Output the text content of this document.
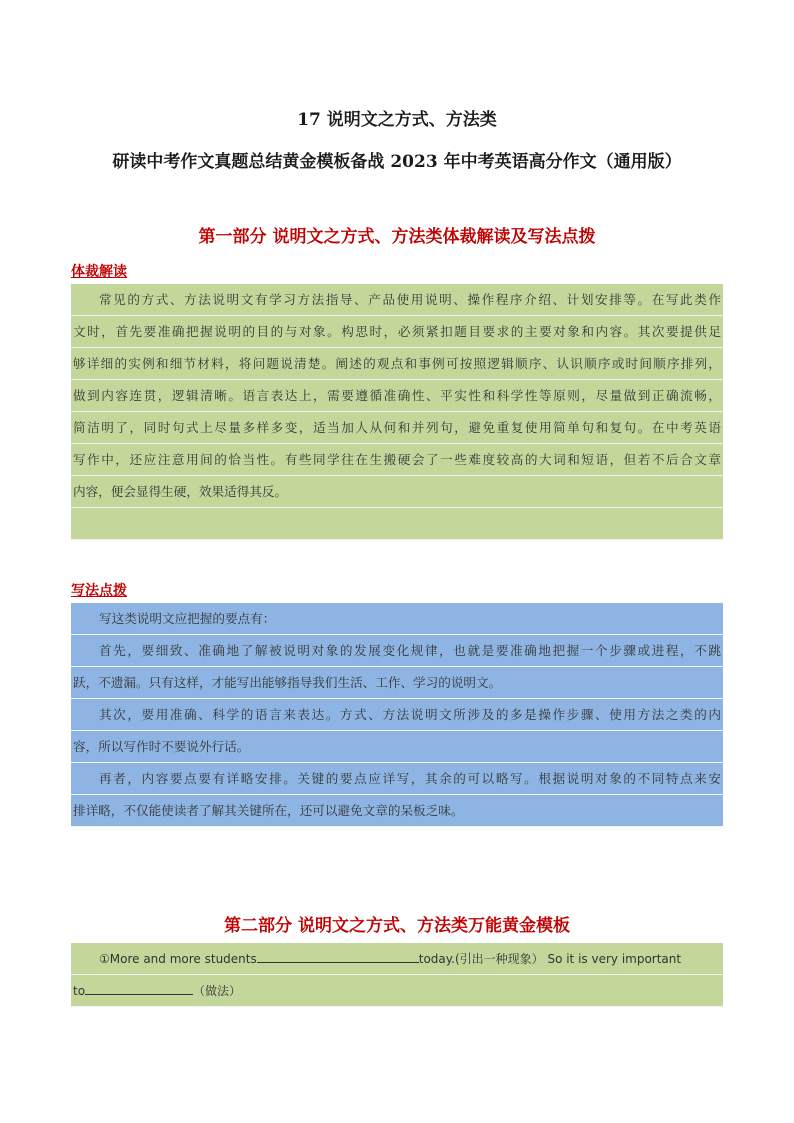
17 说明文之方式、方法类
研读中考作文真题总结黄金模板备战 2023 年中考英语高分作文（通用版）
第一部分 说明文之方式、方法类体裁解读及写法点拨
体裁解读
常见的方式、方法说明文有学习方法指导、产品使用说明、操作程序介绍、计划安排等。在写此类作
文时，首先要准确把握说明的目的与对象。构思时，必须紧扣题目要求的主要对象和内容。其次要提供足
够详细的实例和细节材料，将问题说清楚。阐述的观点和事例可按照逻辑顺序、认识顺序或时间顺序排列，
做到内容连贯，逻辑清晰。语言表达上，需要遵循准确性、平实性和科学性等原则，尽量做到正确流畅，
简洁明了，同时句式上尽量多样多变，适当加人从何和并列句，避免重复使用简单句和复句。在中考英语
写作中，还应注意用间的恰当性。有些同学往在生搬硬会了一些难度较高的大词和短语，但若不后合文章
内容，便会显得生硬，效果适得其反。
写法点拨
写这类说明文应把握的要点有：
首先，要细致、准确地了解被说明对象的发展变化规律，也就是要准确地把握一个步骤或进程，不跳
跃，不遗漏。只有这样，才能写出能够指导我们生活、工作、学习的说明文。
其次，要用准确、科学的语言来表达。方式、方法说明文所涉及的多是操作步骤、使用方法之类的内
容，所以写作时不要说外行话。
再者，内容要点要有详略安排。关键的要点应详写，其余的可以略写。根据说明对象的不同特点来安
排详略，不仅能使读者了解其关键所在，还可以避免文章的呆板乏味。
第二部分 说明文之方式、方法类万能黄金模板
①More and more students	today.(引出一种现象） So it is very important
to	（做法）
